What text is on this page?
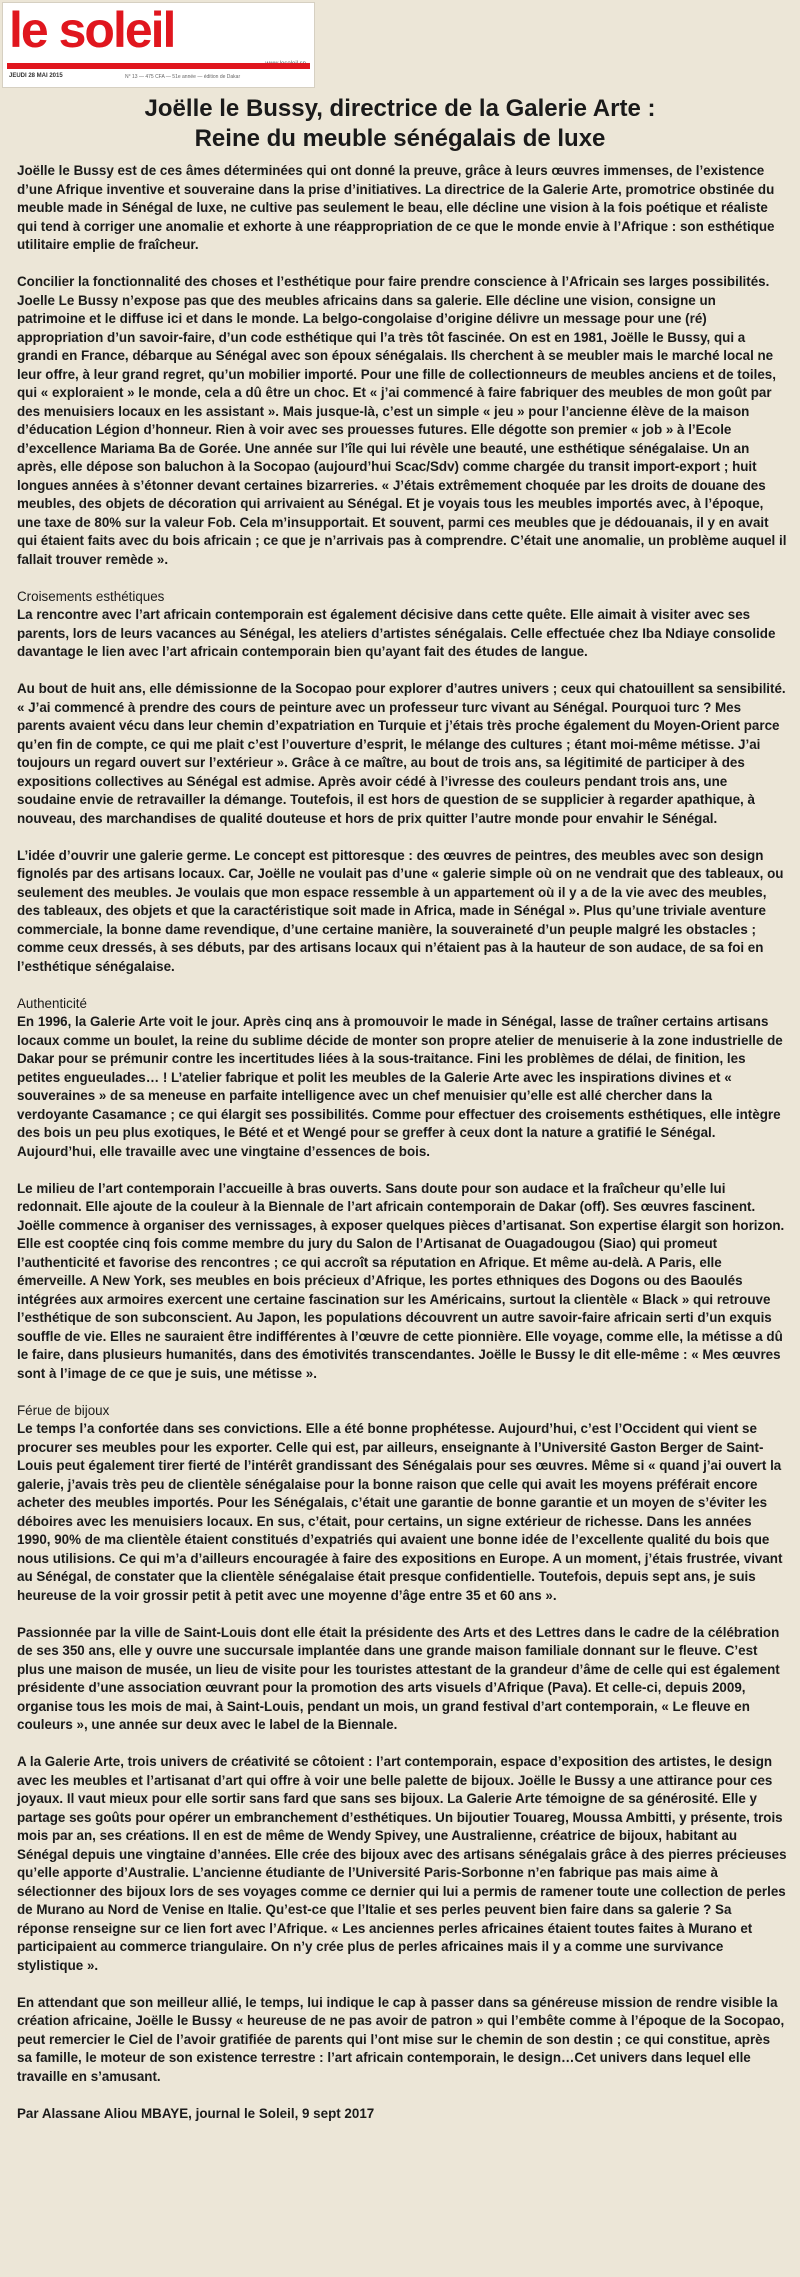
le soleil
JEUDI 28 MAI 2015	N° 13 — 475 CFA — 51e année — édition de Dakar
Joëlle le Bussy, directrice de la Galerie Arte :
Reine du meuble sénégalais de luxe

Joëlle le Bussy est de ces âmes déterminées qui ont donné la preuve, grâce à leurs œuvres immenses, de l’existence d’une Afrique inventive et souveraine dans la prise d’initiatives. La directrice de la Galerie Arte, promotrice obstinée du meuble made in Sénégal de luxe, ne cultive pas seulement le beau, elle décline une vision à la fois poétique et réaliste qui tend à corriger une anomalie et exhorte à une réappropriation de ce que le monde envie à l’Afrique : son esthétique utilitaire emplie de fraîcheur.

Concilier la fonctionnalité des choses et l’esthétique pour faire prendre conscience à l’Africain ses larges possibilités. Joelle Le Bussy n’expose pas que des meubles africains dans sa galerie. Elle décline une vision, consigne un patrimoine et le diffuse ici et dans le monde. La belgo-congolaise d’origine délivre un message pour une (ré) appropriation d’un savoir-faire, d’un code esthétique qui l’a très tôt fascinée. On est en 1981, Joëlle le Bussy, qui a grandi en France, débarque au Sénégal avec son époux sénégalais. Ils cherchent à se meubler mais le marché local ne leur offre, à leur grand regret, qu’un mobilier importé. Pour une fille de collectionneurs de meubles anciens et de toiles, qui « exploraient » le monde, cela a dû être un choc. Et « j’ai commencé à faire fabriquer des meubles de mon goût par des menuisiers locaux en les assistant ». Mais jusque-là, c’est un simple « jeu » pour l’ancienne élève de la maison d’éducation Légion d’honneur. Rien à voir avec ses prouesses futures. Elle dégotte son premier « job » à l’Ecole d’excellence Mariama Ba de Gorée. Une année sur l’île qui lui révèle une beauté, une esthétique sénégalaise. Un an après, elle dépose son baluchon à la Socopao (aujourd’hui Scac/Sdv) comme chargée du transit import-export ; huit longues années à s’étonner devant certaines bizarreries. « J’étais extrêmement choquée par les droits de douane des meubles, des objets de décoration qui arrivaient au Sénégal. Et je voyais tous les meubles importés avec, à l’époque, une taxe de 80% sur la valeur Fob. Cela m’insupportait. Et souvent, parmi ces meubles que je dédouanais, il y en avait qui étaient faits avec du bois africain ; ce que je n’arrivais pas à comprendre. C’était une anomalie, un problème auquel il fallait trouver remède ».

Croisements esthétiques

La rencontre avec l’art africain contemporain est également décisive dans cette quête. Elle aimait à visiter avec ses parents, lors de leurs vacances au Sénégal, les ateliers d’artistes sénégalais. Celle effectuée chez Iba Ndiaye consolide davantage le lien avec l’art africain contemporain bien qu’ayant fait des études de langue.

Au bout de huit ans, elle démissionne de la Socopao pour explorer d’autres univers ; ceux qui chatouillent sa sensibilité. « J’ai commencé à prendre des cours de peinture avec un professeur turc vivant au Sénégal. Pourquoi turc ? Mes parents avaient vécu dans leur chemin d’expatriation en Turquie et j’étais très proche également du Moyen-Orient parce qu’en fin de compte, ce qui me plait c’est l’ouverture d’esprit, le mélange des cultures ; étant moi-même métisse. J’ai toujours un regard ouvert sur l’extérieur ». Grâce à ce maître, au bout de trois ans, sa légitimité de participer à des expositions collectives au Sénégal est admise. Après avoir cédé à l’ivresse des couleurs pendant trois ans, une soudaine envie de retravailler la démange. Toutefois, il est hors de question de se supplicier à regarder apathique, à nouveau, des marchandises de qualité douteuse et hors de prix quitter l’autre monde pour envahir le Sénégal.

L’idée d’ouvrir une galerie germe. Le concept est pittoresque : des œuvres de peintres, des meubles avec son design fignolés par des artisans locaux. Car, Joëlle ne voulait pas d’une « galerie simple où on ne vendrait que des tableaux, ou seulement des meubles. Je voulais que mon espace ressemble à un appartement où il y a de la vie avec des meubles, des tableaux, des objets et que la caractéristique soit made in Africa, made in Sénégal ». Plus qu’une triviale aventure commerciale, la bonne dame revendique, d’une certaine manière, la souveraineté d’un peuple malgré les obstacles ; comme ceux dressés, à ses débuts, par des artisans locaux qui n’étaient pas à la hauteur de son audace, de sa foi en l’esthétique sénégalaise.

Authenticité

En 1996, la Galerie Arte voit le jour. Après cinq ans à promouvoir le made in Sénégal, lasse de traîner certains artisans locaux comme un boulet, la reine du sublime décide de monter son propre atelier de menuiserie à la zone industrielle de Dakar pour se prémunir contre les incertitudes liées à la sous-traitance. Fini les problèmes de délai, de finition, les petites engueulades… ! L’atelier fabrique et polit les meubles de la Galerie Arte avec les inspirations divines et « souveraines » de sa meneuse en parfaite intelligence avec un chef menuisier qu’elle est allé chercher dans la verdoyante Casamance ; ce qui élargit ses possibilités. Comme pour effectuer des croisements esthétiques, elle intègre des bois un peu plus exotiques, le Bété et et Wengé pour se greffer à ceux dont la nature a gratifié le Sénégal. Aujourd’hui, elle travaille avec une vingtaine d’essences de bois.

Le milieu de l’art contemporain l’accueille à bras ouverts. Sans doute pour son audace et la fraîcheur qu’elle lui redonnait. Elle ajoute de la couleur à la Biennale de l’art africain contemporain de Dakar (off). Ses œuvres fascinent. Joëlle commence à organiser des vernissages, à exposer quelques pièces d’artisanat. Son expertise élargit son horizon. Elle est cooptée cinq fois comme membre du jury du Salon de l’Artisanat de Ouagadougou (Siao) qui promeut l’authenticité et favorise des rencontres ; ce qui accroît sa réputation en Afrique. Et même au-delà. A Paris, elle émerveille. A New York, ses meubles en bois précieux d’Afrique, les portes ethniques des Dogons ou des Baoulés intégrées aux armoires exercent une certaine fascination sur les Américains, surtout la clientèle « Black » qui retrouve l’esthétique de son subconscient. Au Japon, les populations découvrent un autre savoir-faire africain serti d’un exquis souffle de vie. Elles ne sauraient être indifférentes à l’œuvre de cette pionnière. Elle voyage, comme elle, la métisse a dû le faire, dans plusieurs humanités, dans des émotivités transcendantes. Joëlle le Bussy le dit elle-même : « Mes œuvres sont à l’image de ce que je suis, une métisse ».

Férue de bijoux

Le temps l’a confortée dans ses convictions. Elle a été bonne prophétesse. Aujourd’hui, c’est l’Occident qui vient se procurer ses meubles pour les exporter. Celle qui est, par ailleurs, enseignante à l’Université Gaston Berger de Saint-Louis peut également tirer fierté de l’intérêt grandissant des Sénégalais pour ses œuvres. Même si « quand j’ai ouvert la galerie, j’avais très peu de clientèle sénégalaise pour la bonne raison que celle qui avait les moyens préférait encore acheter des meubles importés. Pour les Sénégalais, c’était une garantie de bonne garantie et un moyen de s’éviter les déboires avec les menuisiers locaux. En sus, c’était, pour certains, un signe extérieur de richesse. Dans les années 1990, 90% de ma clientèle étaient constitués d’expatriés qui avaient une bonne idée de l’excellente qualité du bois que nous utilisions. Ce qui m’a d’ailleurs encouragée à faire des expositions en Europe. A un moment, j’étais frustrée, vivant au Sénégal, de constater que la clientèle sénégalaise était presque confidentielle. Toutefois, depuis sept ans, je suis heureuse de la voir grossir petit à petit avec une moyenne d’âge entre 35 et 60 ans ».

Passionnée par la ville de Saint-Louis dont elle était la présidente des Arts et des Lettres dans le cadre de la célébration de ses 350 ans, elle y ouvre une succursale implantée dans une grande maison familiale donnant sur le fleuve. C’est plus une maison de musée, un lieu de visite pour les touristes attestant de la grandeur d’âme de celle qui est également présidente d’une association œuvrant pour la promotion des arts visuels d’Afrique (Pava). Et celle-ci, depuis 2009, organise tous les mois de mai, à Saint-Louis, pendant un mois, un grand festival d’art contemporain, « Le fleuve en couleurs », une année sur deux avec le label de la Biennale.

A la Galerie Arte, trois univers de créativité se côtoient : l’art contemporain, espace d’exposition des artistes, le design avec les meubles et l’artisanat d’art qui offre à voir une belle palette de bijoux. Joëlle le Bussy a une attirance pour ces joyaux. Il vaut mieux pour elle sortir sans fard que sans ses bijoux. La Galerie Arte témoigne de sa générosité. Elle y partage ses goûts pour opérer un embranchement d’esthétiques. Un bijoutier Touareg, Moussa Ambitti, y présente, trois mois par an, ses créations. Il en est de même de Wendy Spivey, une Australienne, créatrice de bijoux, habitant au Sénégal depuis une vingtaine d’années. Elle crée des bijoux avec des artisans sénégalais grâce à des pierres précieuses qu’elle apporte d’Australie. L’ancienne étudiante de l’Université Paris-Sorbonne n’en fabrique pas mais aime à sélectionner des bijoux lors de ses voyages comme ce dernier qui lui a permis de ramener toute une collection de perles de Murano au Nord de Venise en Italie. Qu’est-ce que l’Italie et ses perles peuvent bien faire dans sa galerie ? Sa réponse renseigne sur ce lien fort avec l’Afrique. « Les anciennes perles africaines étaient toutes faites à Murano et participaient au commerce triangulaire. On n’y crée plus de perles africaines mais il y a comme une survivance stylistique ».

En attendant que son meilleur allié, le temps, lui indique le cap à passer dans sa généreuse mission de rendre visible la création africaine, Joëlle le Bussy « heureuse de ne pas avoir de patron » qui l’embête comme à l’époque de la Socopao, peut remercier le Ciel de l’avoir gratifiée de parents qui l’ont mise sur le chemin de son destin ; ce qui constitue, après sa famille, le moteur de son existence terrestre : l’art africain contemporain, le design…Cet univers dans lequel elle travaille en s’amusant.

Par Alassane Aliou MBAYE, journal le Soleil, 9 sept 2017
